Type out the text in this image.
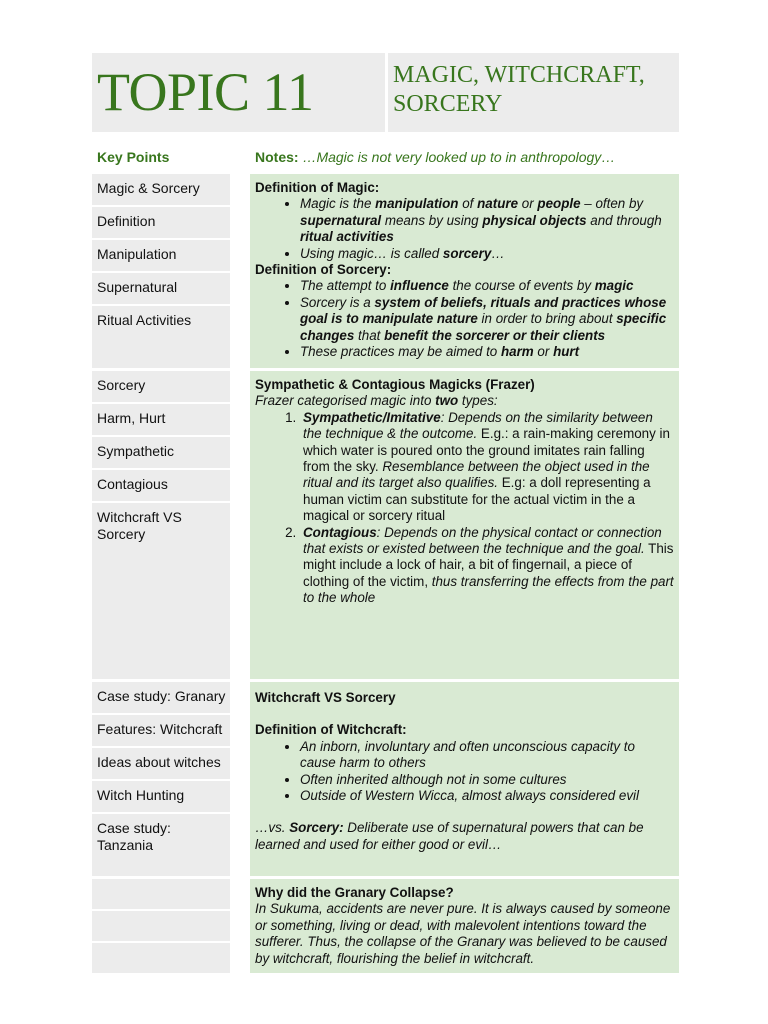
TOPIC 11	MAGIC, WITCHCRAFT,
SORCERY
Key Points	Notes: …Magic is not very looked up to in anthropology…
Magic & Sorcery
Definition
Manipulation
Supernatural
Ritual Activities
Sorcery
Harm, Hurt
Sympathetic
Contagious
Witchcraft VS Sorcery
Case study: Granary
Features: Witchcraft
Ideas about witches
Witch Hunting
Case study: Tanzania

Definition of Magic:

• Magic is the manipulation of nature or people – often by supernatural means by using physical objects and through ritual activities
• Using magic… is called sorcery…

Definition of Sorcery:

• The attempt to influence the course of events by magic
• Sorcery is a system of beliefs, rituals and practices whose goal is to manipulate nature in order to bring about specific changes that benefit the sorcerer or their clients
• These practices may be aimed to harm or hurt

Sympathetic & Contagious Magicks (Frazer)

Frazer categorised magic into two types:

1. Sympathetic/Imitative: Depends on the similarity between the technique & the outcome. E.g.: a rain-making ceremony in which water is poured onto the ground imitates rain falling from the sky. Resemblance between the object used in the ritual and its target also qualifies. E.g: a doll representing a human victim can substitute for the actual victim in the a magical or sorcery ritual
2. Contagious: Depends on the physical contact or connection that exists or existed between the technique and the goal. This might include a lock of hair, a bit of fingernail, a piece of clothing of the victim, thus transferring the effects from the part to the whole

Witchcraft VS Sorcery

Definition of Witchcraft:

• An inborn, involuntary and often unconscious capacity to cause harm to others
• Often inherited although not in some cultures
• Outside of Western Wicca, almost always considered evil

…vs. Sorcery: Deliberate use of supernatural powers that can be learned and used for either good or evil…

Why did the Granary Collapse?

In Sukuma, accidents are never pure. It is always caused by someone or something, living or dead, with malevolent intentions toward the sufferer. Thus, the collapse of the Granary was believed to be caused by witchcraft, flourishing the belief in witchcraft.
